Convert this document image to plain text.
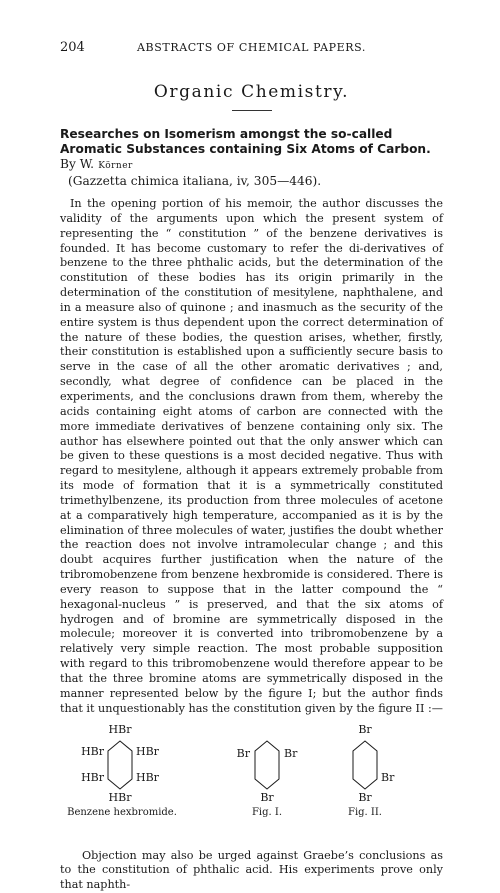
204	ABSTRACTS OF CHEMICAL PAPERS.
Organic Chemistry.
Researches on Isomerism amongst the so-called Aromatic Substances containing Six Atoms of Carbon. By W. Körner
(Gazzetta chimica italiana, iv, 305—446).

In the opening portion of his memoir, the author discusses the validity of the arguments upon which the present system of representing the “ constitution ” of the benzene derivatives is founded. It has become customary to refer the di-derivatives of benzene to the three phthalic acids, but the determination of the constitution of these bodies has its origin primarily in the determination of the constitution of mesitylene, naphthalene, and in a measure also of quinone ; and inasmuch as the security of the entire system is thus dependent upon the correct determination of the nature of these bodies, the question arises, whether, firstly, their constitution is established upon a sufficiently secure basis to serve in the case of all the other aromatic derivatives ; and, secondly, what degree of confidence can be placed in the experiments, and the conclusions drawn from them, whereby the acids containing eight atoms of carbon are connected with the more immediate derivatives of benzene containing only six. The author has elsewhere pointed out that the only answer which can be given to these questions is a most decided negative. Thus with regard to mesitylene, although it appears extremely probable from its mode of formation that it is a symmetrically constituted trimethylbenzene, its production from three molecules of acetone at a comparatively high temperature, accompanied as it is by the elimination of three molecules of water, justifies the doubt whether the reaction does not involve intramolecular change ; and this doubt acquires further justification when the nature of the tribromobenzene from benzene hexbromide is considered. There is every reason to suppose that in the latter compound the “ hexagonal-nucleus ” is preserved, and that the six atoms of hydrogen and of bromine are symmetrically disposed in the molecule; moreover it is converted into tribromobenzene by a relatively very simple reaction. The most probable supposition with regard to this tribromobenzene would therefore appear to be that the three bromine atoms are symmetrically disposed in the manner represented below by the figure I; but the author finds that it unquestionably has the constitution given by the figure II :—

HBr
HBr	HBr
HBr	HBr
HBr
Benzene hexbromide.
Br	Br
Br
Fig. I.
Br
Br
Br
Fig. II.

Objection may also be urged against Graebe’s conclusions as to the constitution of phthalic acid. His experiments prove only that naphth-
